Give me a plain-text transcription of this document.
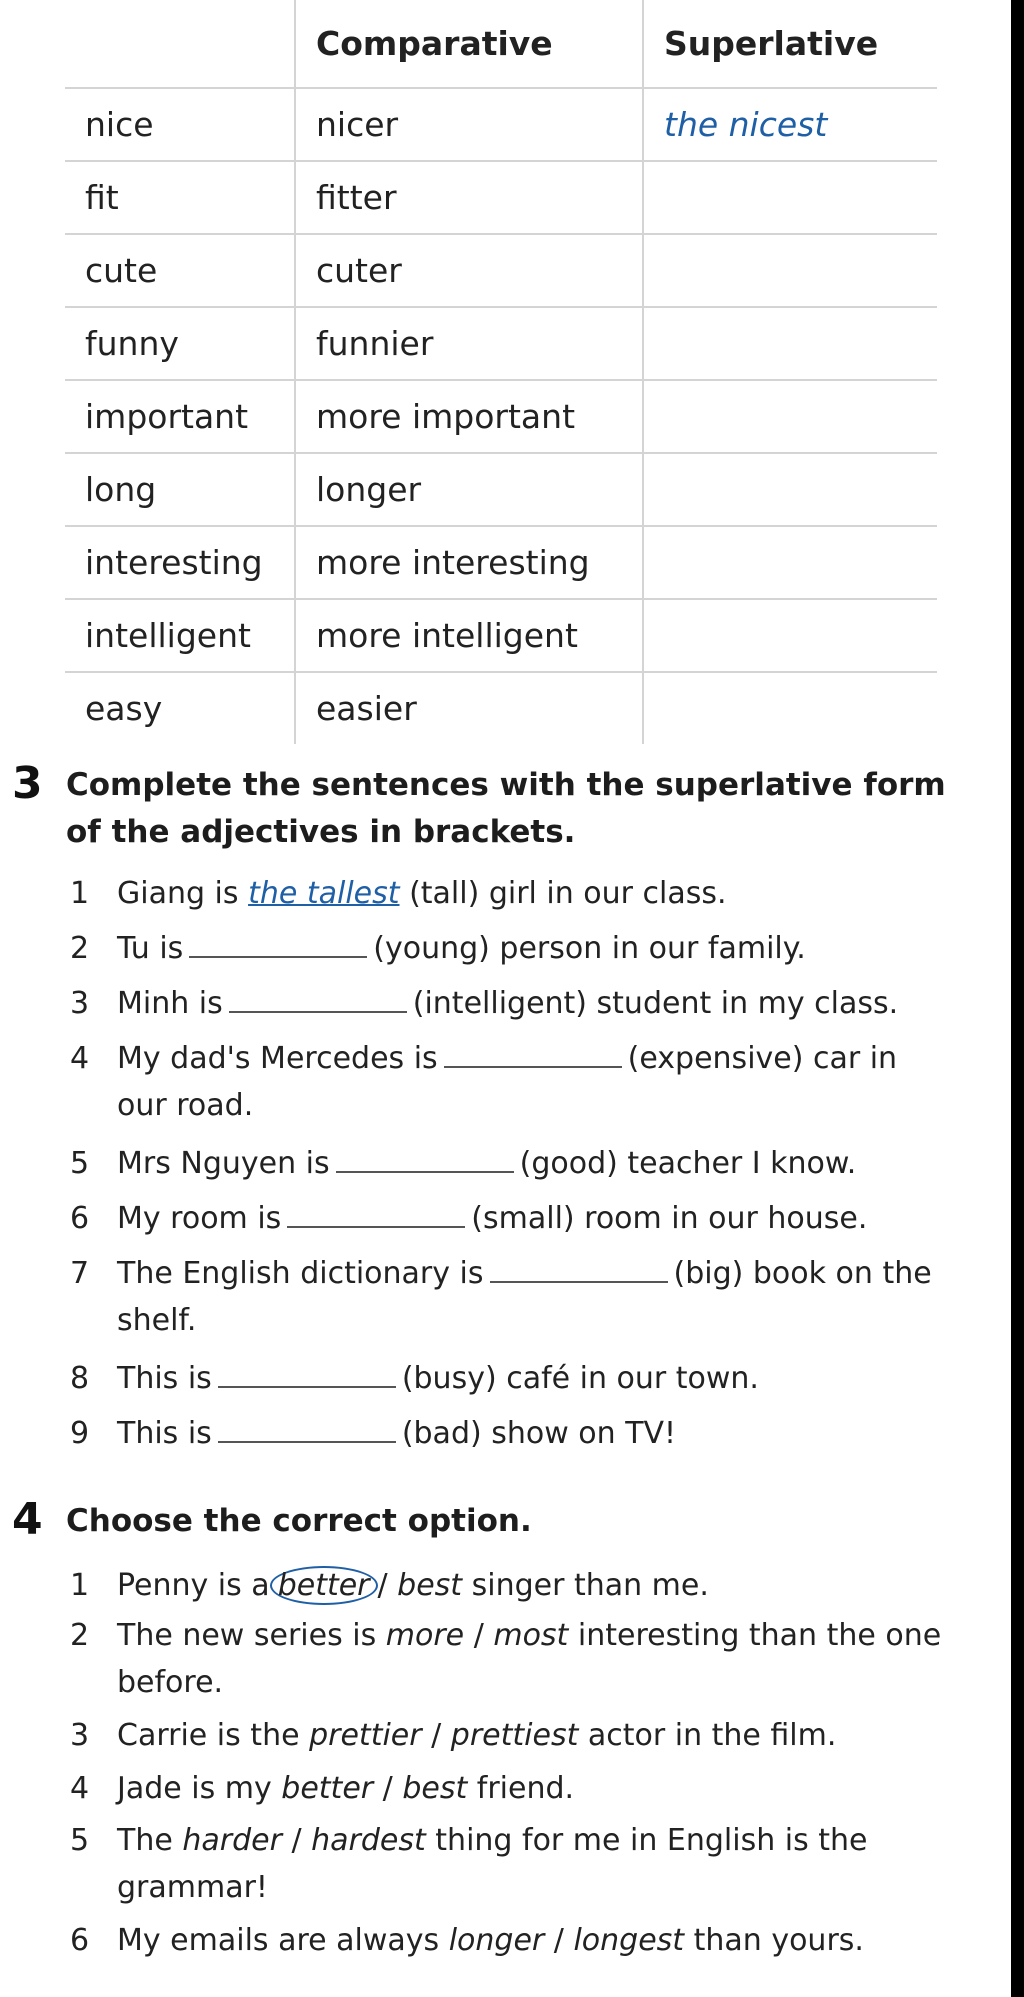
	Comparative	Superlative
nice	nicer	the nicest
fit	fitter	
cute	cuter	
funny	funnier	
important	more important	
long	longer	
interesting	more interesting	
intelligent	more intelligent	
easy	easier	
3 Complete the sentences with the superlative form of the adjectives in brackets.
1 Giang is the tallest (tall) girl in our class.
2 Tu is	(young) person in our family.
3 Minh is	(intelligent) student in my class.
4 My dad's Mercedes is	(expensive) car in our road.
5 Mrs Nguyen is	(good) teacher I know.
6 My room is	(small) room in our house.
7 The English dictionary is	(big) book on the shelf.
8 This is	(busy) café in our town.
9 This is	(bad) show on TV!
4 Choose the correct option.
1 Penny is a better / best singer than me.
2 The new series is more / most interesting than the one before.
3 Carrie is the prettier / prettiest actor in the film.
4 Jade is my better / best friend.
5 The harder / hardest thing for me in English is the grammar!
6 My emails are always longer / longest than yours.
